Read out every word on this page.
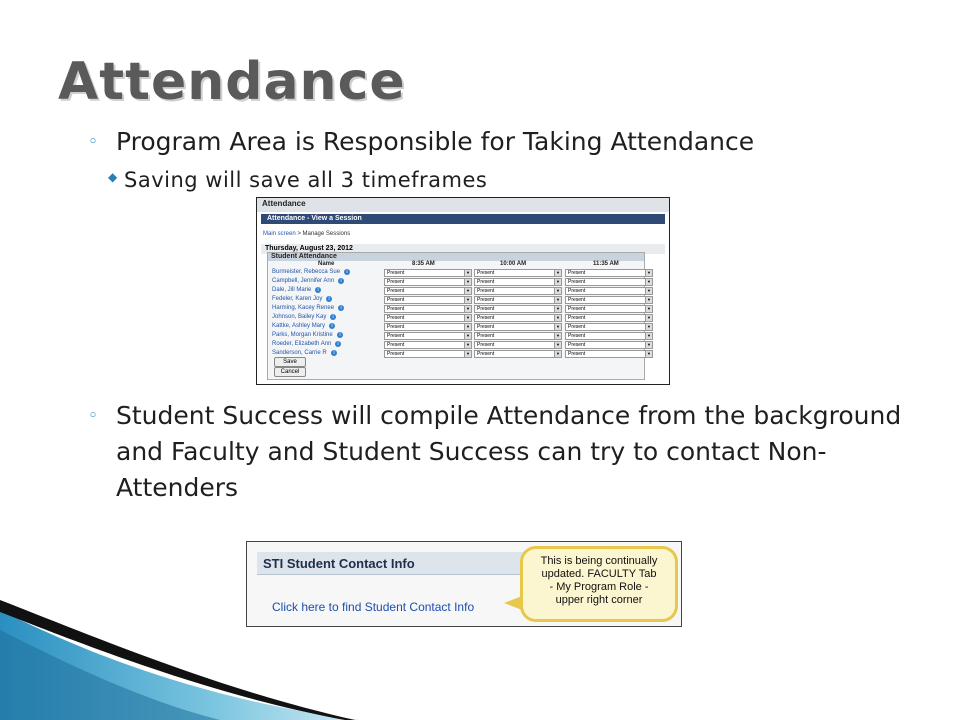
Attendance
◦ Program Area is Responsible for Taking Attendance
◆ Saving will save all 3 timeframes
Attendance
Attendance - View a Session
Main screen > Manage Sessions
Thursday, August 23, 2012
Student Attendance
Name	8:35 AM	10:00 AM	11:35 AM
Burmeister, Rebecca Sue	i	Present	▼	Present	▼	Present	▼
Campbell, Jennifer Ann	i	Present	▼	Present	▼	Present	▼
Dale, Jill Marie	i	Present	▼	Present	▼	Present	▼
Fedeler, Karen Joy	i	Present	▼	Present	▼	Present	▼
Harming, Kacey Renee	i	Present	▼	Present	▼	Present	▼
Johnson, Bailey Kay	i	Present	▼	Present	▼	Present	▼
Kattke, Ashley Mary	i	Present	▼	Present	▼	Present	▼
Parks, Morgan Kristine	i	Present	▼	Present	▼	Present	▼
Roeder, Elizabeth Ann	i	Present	▼	Present	▼	Present	▼
Sanderson, Carrie R	i	Present	▼	Present	▼	Present	▼
Save
Cancel
◦ Student Success will compile Attendance from the background and Faculty and Student Success can try to contact Non-Attenders
STI Student Contact Info
Click here to find Student Contact Info
This is being continually
updated. FACULTY Tab
- My Program Role -
upper right corner
